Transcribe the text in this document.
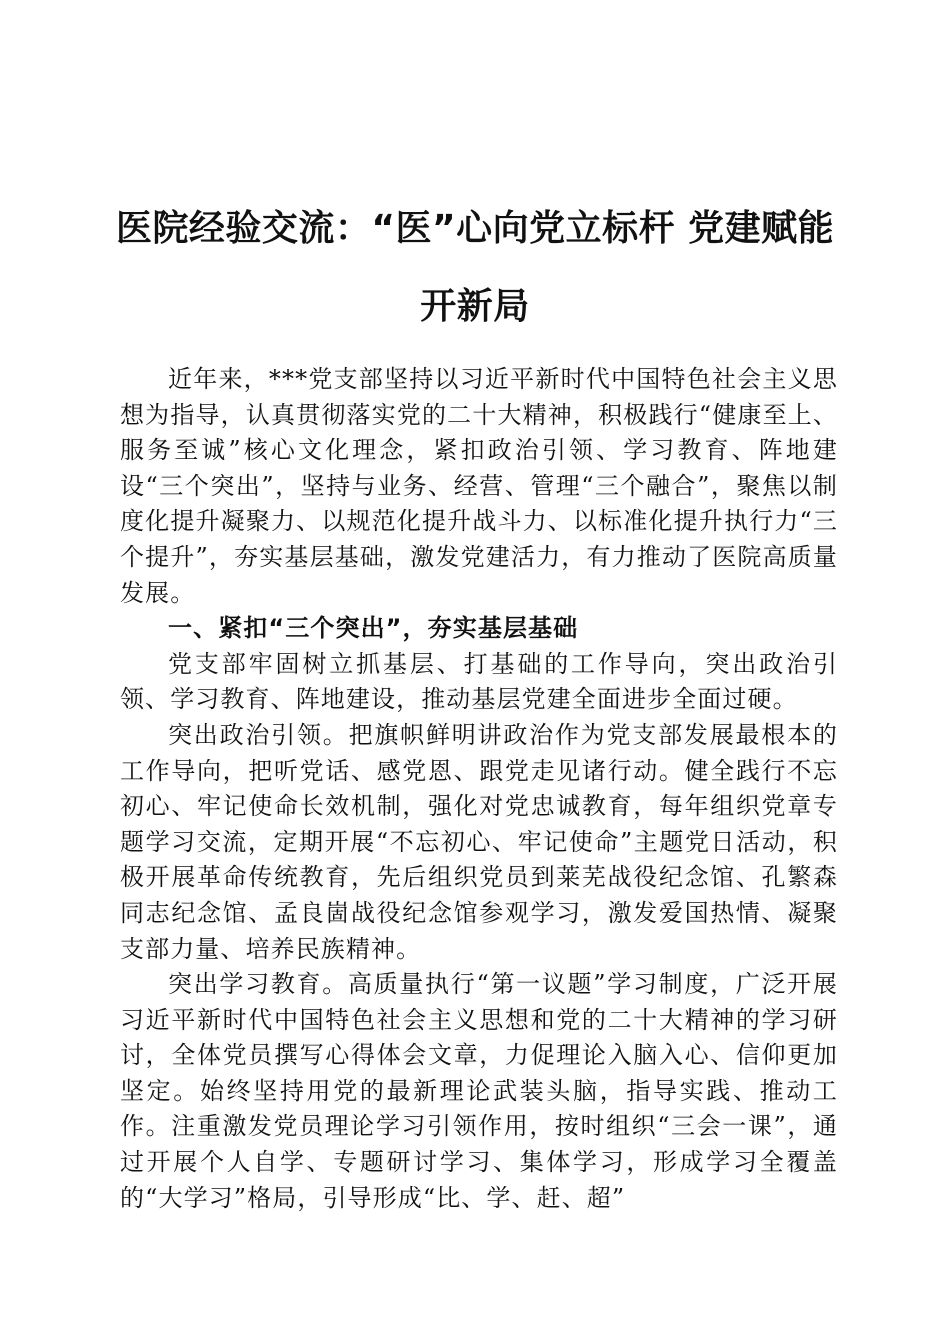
医院经验交流：“医”心向党立标杆 党建赋能开新局

近年来，***党支部坚持以习近平新时代中国特色社会主义思想为指导，认真贯彻落实党的二十大精神，积极践行“健康至上、服务至诚”核心文化理念，紧扣政治引领、学习教育、阵地建设“三个突出”，坚持与业务、经营、管理“三个融合”，聚焦以制度化提升凝聚力、以规范化提升战斗力、以标准化提升执行力“三个提升”，夯实基层基础，激发党建活力，有力推动了医院高质量发展。

一、紧扣“三个突出”，夯实基层基础

党支部牢固树立抓基层、打基础的工作导向，突出政治引领、学习教育、阵地建设，推动基层党建全面进步全面过硬。

突出政治引领。把旗帜鲜明讲政治作为党支部发展最根本的工作导向，把听党话、感党恩、跟党走见诸行动。健全践行不忘初心、牢记使命长效机制，强化对党忠诚教育，每年组织党章专题学习交流，定期开展“不忘初心、牢记使命”主题党日活动，积极开展革命传统教育，先后组织党员到莱芜战役纪念馆、孔繁森同志纪念馆、孟良崮战役纪念馆参观学习，激发爱国热情、凝聚支部力量、培养民族精神。

突出学习教育。高质量执行“第一议题”学习制度，广泛开展习近平新时代中国特色社会主义思想和党的二十大精神的学习研讨，全体党员撰写心得体会文章，力促理论入脑入心、信仰更加坚定。始终坚持用党的最新理论武装头脑，指导实践、推动工作。注重激发党员理论学习引领作用，按时组织“三会一课”，通过开展个人自学、专题研讨学习、集体学习，形成学习全覆盖的“大学习”格局，引导形成“比、学、赶、超”
